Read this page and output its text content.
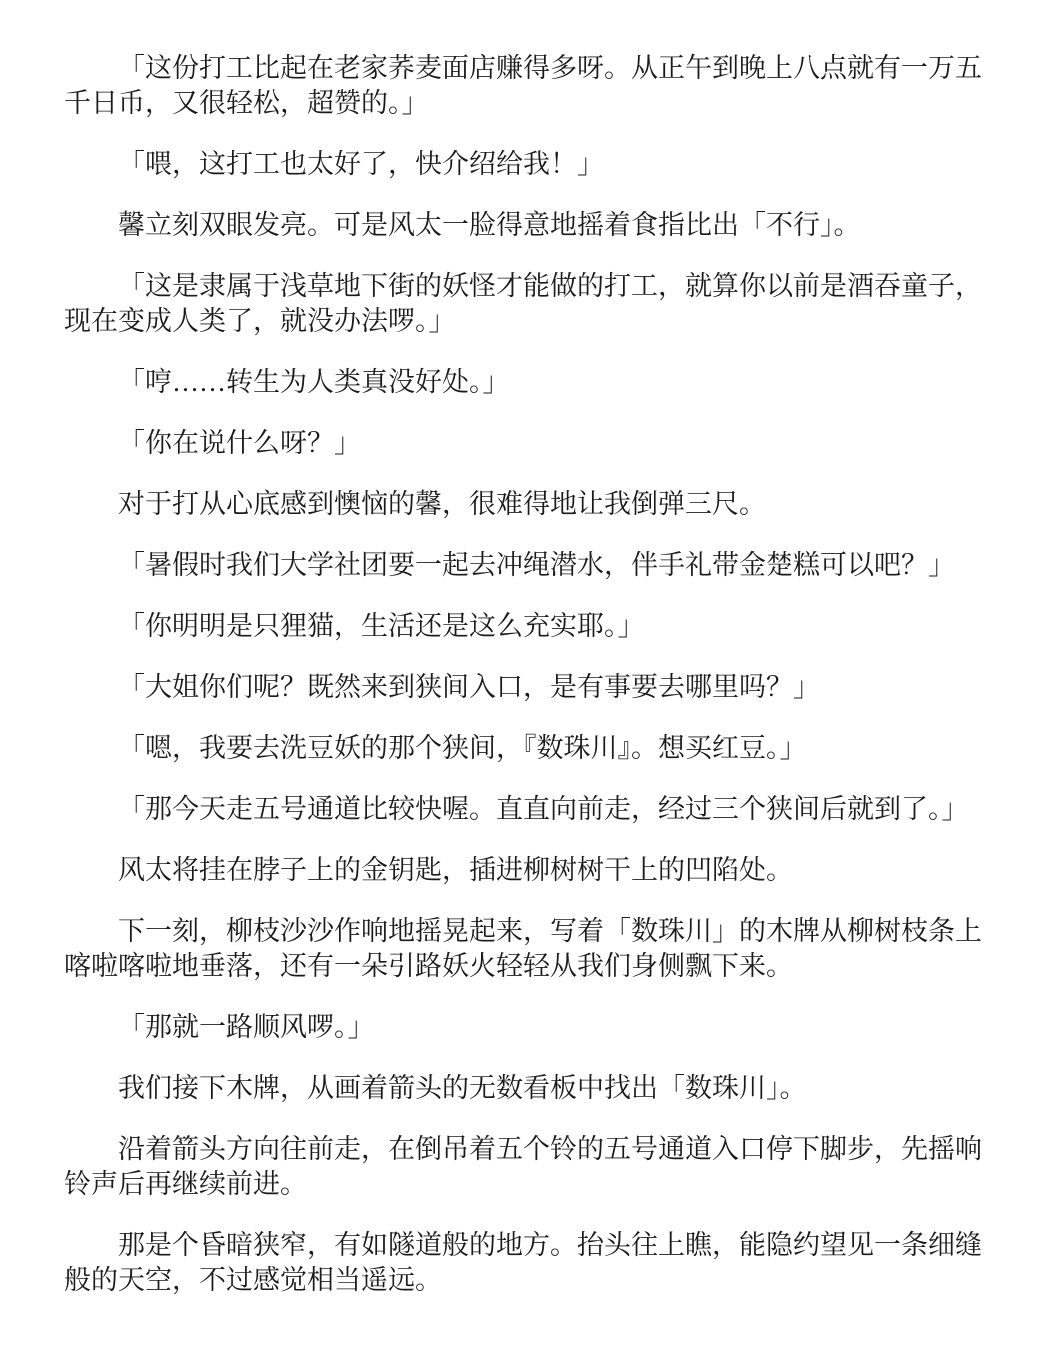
「这份打工比起在老家荞麦面店赚得多呀。从正午到晚上八点就有一万五千日币，又很轻松，超赞的。」

「喂，这打工也太好了，快介绍给我！」

馨立刻双眼发亮。可是风太一脸得意地摇着食指比出「不行」。

「这是隶属于浅草地下街的妖怪才能做的打工，就算你以前是酒吞童子，现在变成人类了，就没办法啰。」

「哼……转生为人类真没好处。」

「你在说什么呀？」

对于打从心底感到懊恼的馨，很难得地让我倒弹三尺。

「暑假时我们大学社团要一起去冲绳潜水，伴手礼带金楚糕可以吧？」

「你明明是只狸猫，生活还是这么充实耶。」

「大姐你们呢？既然来到狭间入口，是有事要去哪里吗？」

「嗯，我要去洗豆妖的那个狭间，『数珠川』。想买红豆。」

「那今天走五号通道比较快喔。直直向前走，经过三个狭间后就到了。」

风太将挂在脖子上的金钥匙，插进柳树树干上的凹陷处。

下一刻，柳枝沙沙作响地摇晃起来，写着「数珠川」的木牌从柳树枝条上喀啦喀啦地垂落，还有一朵引路妖火轻轻从我们身侧飘下来。

「那就一路顺风啰。」

我们接下木牌，从画着箭头的无数看板中找出「数珠川」。

沿着箭头方向往前走，在倒吊着五个铃的五号通道入口停下脚步，先摇响铃声后再继续前进。

那是个昏暗狭窄，有如隧道般的地方。抬头往上瞧，能隐约望见一条细缝般的天空，不过感觉相当遥远。
